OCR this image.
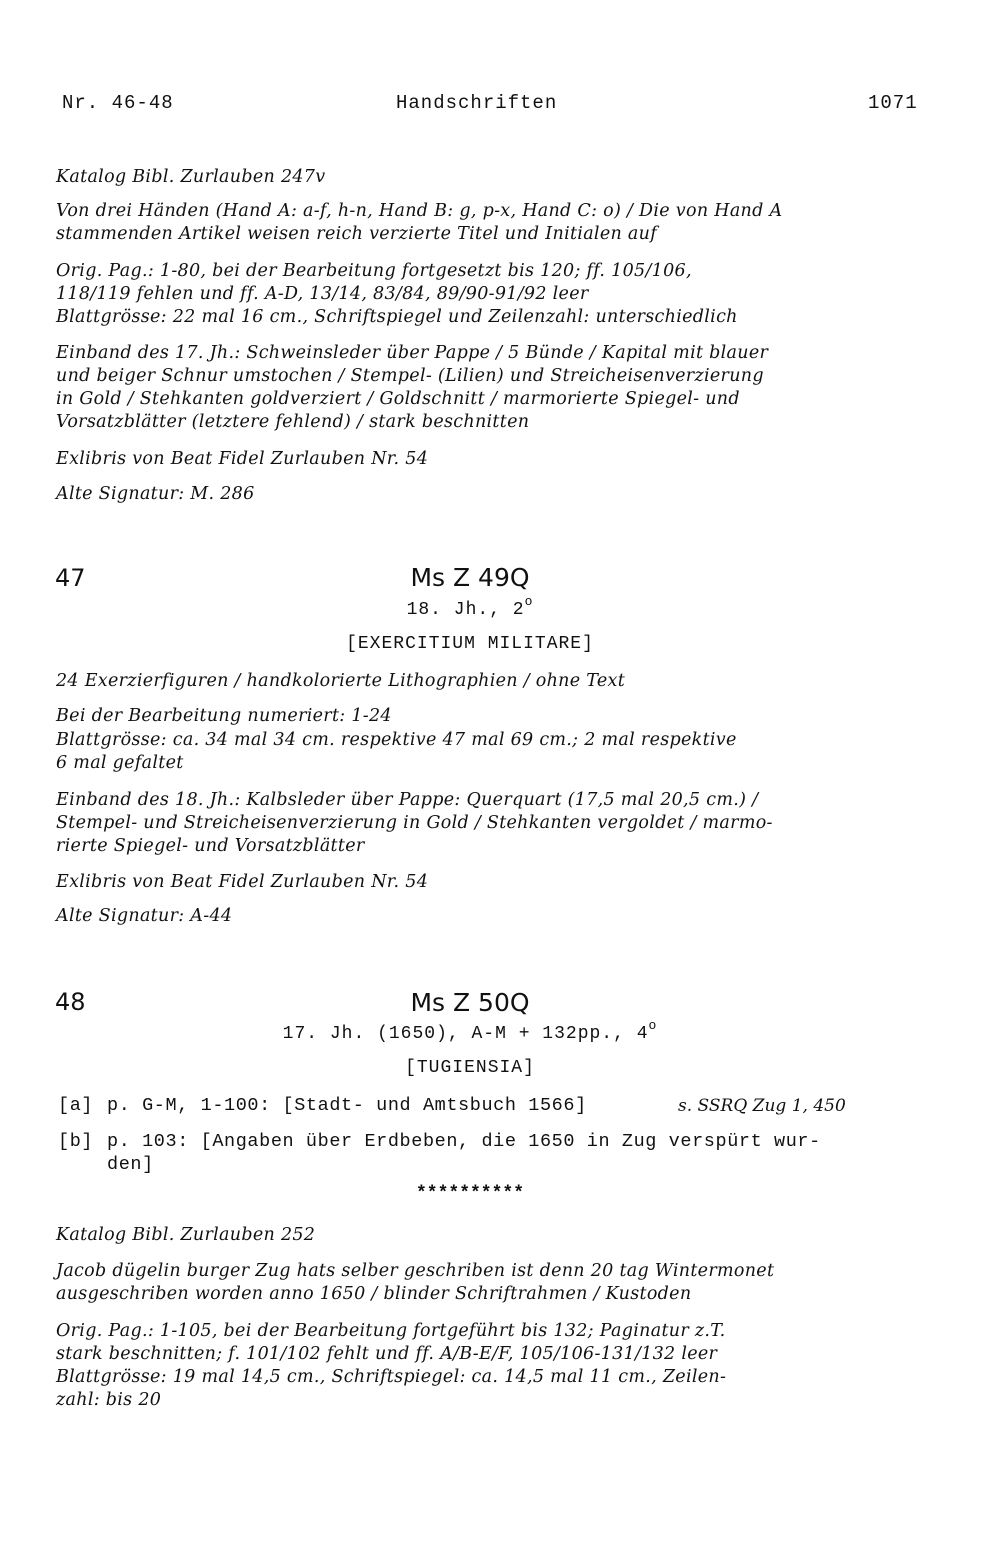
Nr. 46-48	Handschriften	1071
Katalog Bibl. Zurlauben 247v
Von drei Händen (Hand A: a-f, h-n, Hand B: g, p-x, Hand C: o) / Die von Hand A
stammenden Artikel weisen reich verzierte Titel und Initialen auf
Orig. Pag.: 1-80, bei der Bearbeitung fortgesetzt bis 120; ff. 105/106,
118/119 fehlen und ff. A-D, 13/14, 83/84, 89/90-91/92 leer
Blattgrösse: 22 mal 16 cm., Schriftspiegel und Zeilenzahl: unterschiedlich
Einband des 17. Jh.: Schweinsleder über Pappe / 5 Bünde / Kapital mit blauer
und beiger Schnur umstochen / Stempel- (Lilien) und Streicheisenverzierung
in Gold / Stehkanten goldverziert / Goldschnitt / marmorierte Spiegel- und
Vorsatzblätter (letztere fehlend) / stark beschnitten
Exlibris von Beat Fidel Zurlauben Nr. 54
Alte Signatur: M. 286
47	Ms Z 49Q
18. Jh., 2$^o$
[EXERCITIUM MILITARE]
24 Exerzierfiguren / handkolorierte Lithographien / ohne Text
Bei der Bearbeitung numeriert: 1-24
Blattgrösse: ca. 34 mal 34 cm. respektive 47 mal 69 cm.; 2 mal respektive
6 mal gefaltet
Einband des 18. Jh.: Kalbsleder über Pappe: Querquart (17,5 mal 20,5 cm.) /
Stempel- und Streicheisenverzierung in Gold / Stehkanten vergoldet / marmo-
rierte Spiegel- und Vorsatzblätter
Exlibris von Beat Fidel Zurlauben Nr. 54
Alte Signatur: A-44
48	Ms Z 50Q
17. Jh. (1650), A-M + 132pp., 4$^o$
[TUGIENSIA]
[a] p. G-M, 1-100: [Stadt- und Amtsbuch 1566]	s. SSRQ Zug 1, 450
[b] p. 103: [Angaben über Erdbeben, die 1650 in Zug verspürt wur-
den]
**********
Katalog Bibl. Zurlauben 252
Jacob dügelin burger Zug hats selber geschriben ist denn 20 tag Wintermonet
ausgeschriben worden anno 1650 / blinder Schriftrahmen / Kustoden
Orig. Pag.: 1-105, bei der Bearbeitung fortgeführt bis 132; Paginatur z.T.
stark beschnitten; f. 101/102 fehlt und ff. A/B-E/F, 105/106-131/132 leer
Blattgrösse: 19 mal 14,5 cm., Schriftspiegel: ca. 14,5 mal 11 cm., Zeilen-
zahl: bis 20
